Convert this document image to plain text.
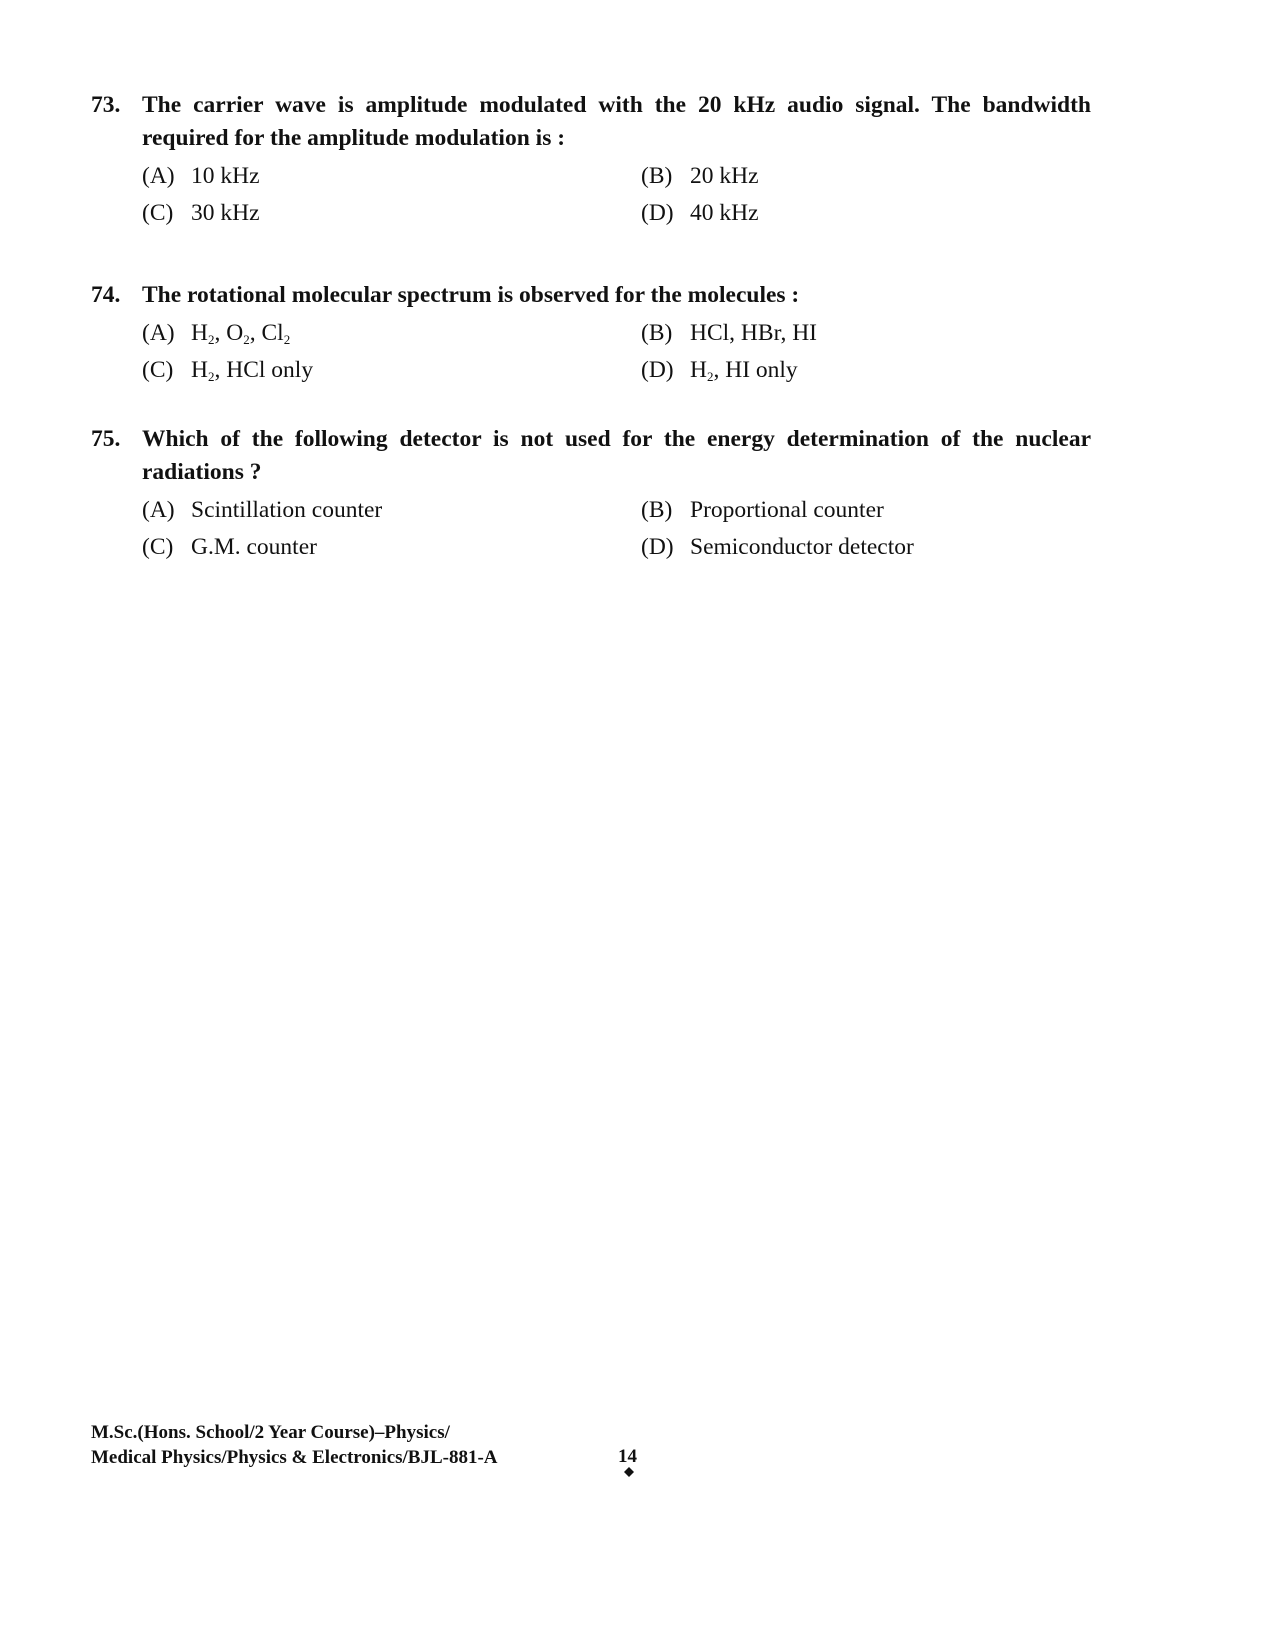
73. The carrier wave is amplitude modulated with the 20 kHz audio signal. The bandwidth required for the amplitude modulation is :
(A) 10 kHz	(B) 20 kHz
(C) 30 kHz	(D) 40 kHz
74. The rotational molecular spectrum is observed for the molecules :
(A) $H_2$, $O_2$, $Cl_2$	(B) HCl, HBr, HI
(C) $H_2$, HCl only	(D) $H_2$, HI only
75. Which of the following detector is not used for the energy determination of the nuclear radiations ?
(A) Scintillation counter	(B) Proportional counter
(C) G.M. counter	(D) Semiconductor detector
M.Sc.(Hons. School/2 Year Course)–Physics/
Medical Physics/Physics & Electronics/BJL-881-A	14
